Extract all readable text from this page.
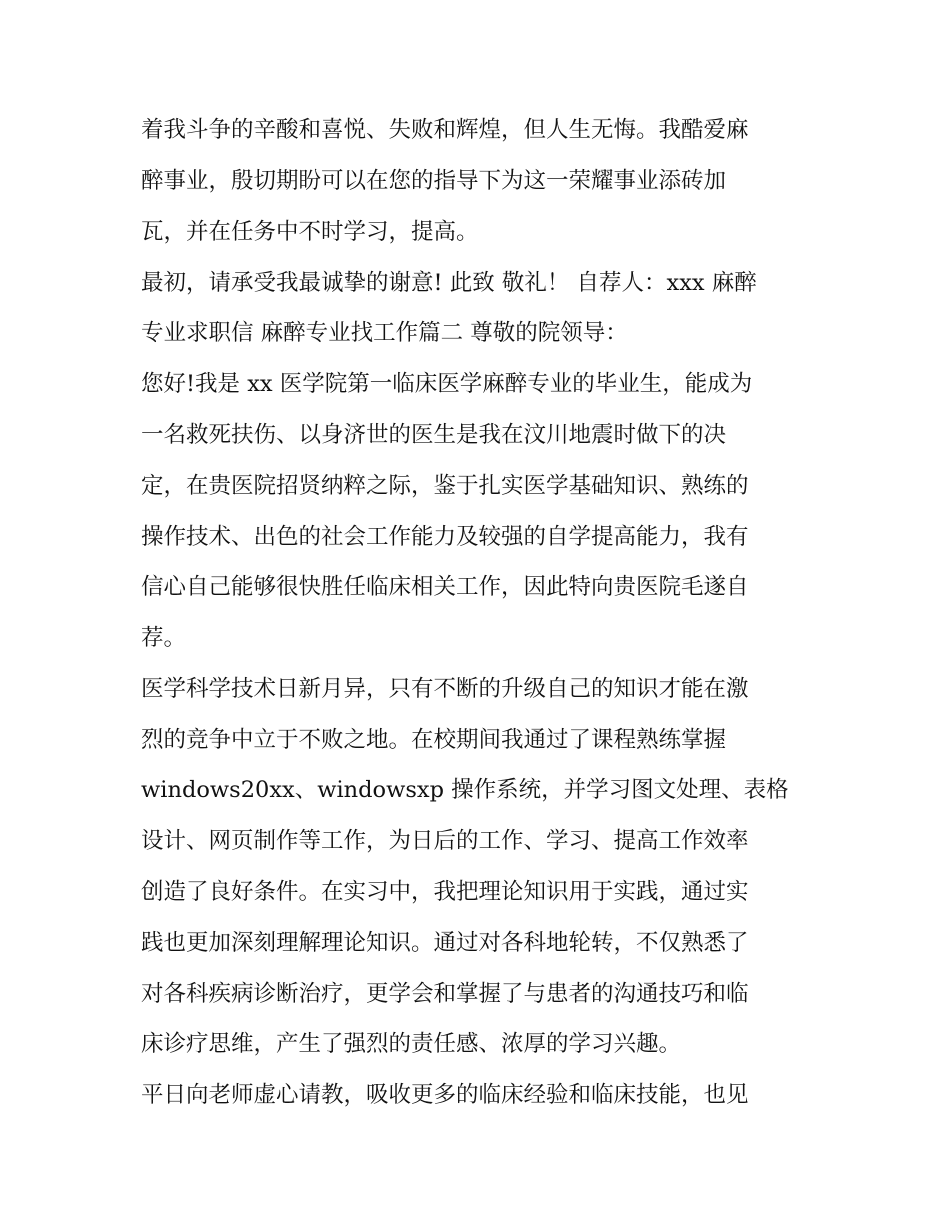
着我斗争的辛酸和喜悦、失败和辉煌，但人生无悔。我酷爱麻
醉事业，殷切期盼可以在您的指导下为这一荣耀事业添砖加
瓦，并在任务中不时学习，提高。
最初，请承受我最诚挚的谢意! 此致 敬礼！ 自荐人：xxx 麻醉
专业求职信 麻醉专业找工作篇二 尊敬的院领导：
您好!我是 xx 医学院第一临床医学麻醉专业的毕业生，能成为
一名救死扶伤、以身济世的医生是我在汶川地震时做下的决
定，在贵医院招贤纳粹之际，鉴于扎实医学基础知识、熟练的
操作技术、出色的社会工作能力及较强的自学提高能力，我有
信心自己能够很快胜任临床相关工作，因此特向贵医院毛遂自
荐。
医学科学技术日新月异，只有不断的升级自己的知识才能在激
烈的竞争中立于不败之地。在校期间我通过了课程熟练掌握
windows20xx、windowsxp 操作系统，并学习图文处理、表格
设计、网页制作等工作，为日后的工作、学习、提高工作效率
创造了良好条件。在实习中，我把理论知识用于实践，通过实
践也更加深刻理解理论知识。通过对各科地轮转，不仅熟悉了
对各科疾病诊断治疗，更学会和掌握了与患者的沟通技巧和临
床诊疗思维，产生了强烈的责任感、浓厚的学习兴趣。
平日向老师虚心请教，吸收更多的临床经验和临床技能，也见
